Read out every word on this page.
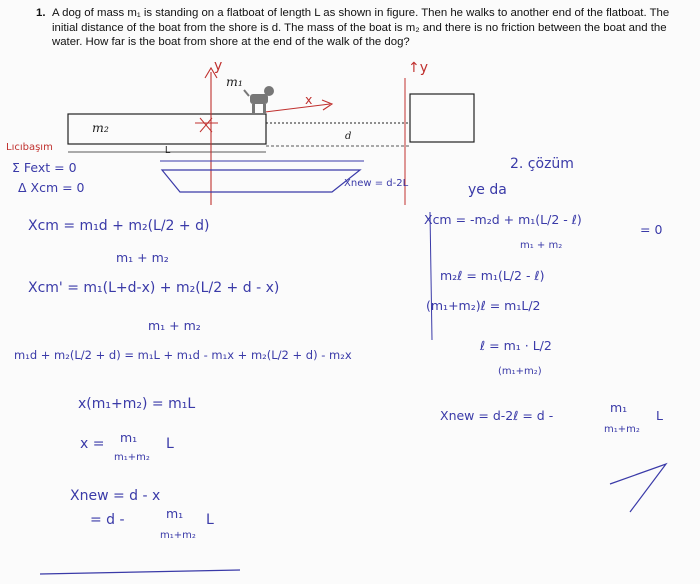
1. A dog of mass m₁ is standing on a flatboat of length L as shown in figure. Then he walks to another end of the flatboat. The initial distance of the boat from the shore is d. The mass of the boat is m₂ and there is no friction between the boat and the water. How far is the boat from shore at the end of the walk of the dog?
m₁
m₂
L
d
y	↑y
x
Xnew = d-2L
Lıcıbaşım
Σ Fext = 0
Δ Xcm = 0
Xcm = m₁d + m₂(L/2 + d)
m₁ + m₂
Xcm' = m₁(L+d-x) + m₂(L/2 + d - x)
m₁ + m₂
m₁d + m₂(L/2 + d) = m₁L + m₁d - m₁x + m₂(L/2 + d) - m₂x
x(m₁+m₂) = m₁L
x = m₁
m₁+m₂
L
Xnew = d - x
= d -	m₁
m₁+m₂
L
2. çözüm
ye da
Xcm = -m₂d + m₁(L/2 - ℓ)
m₁ + m₂
= 0
m₂ℓ = m₁(L/2 - ℓ)
(m₁+m₂)ℓ = m₁L/2
ℓ = m₁ · L/2
(m₁+m₂)
Xnew = d-2ℓ = d -
m₁
m₁+m₂
L
